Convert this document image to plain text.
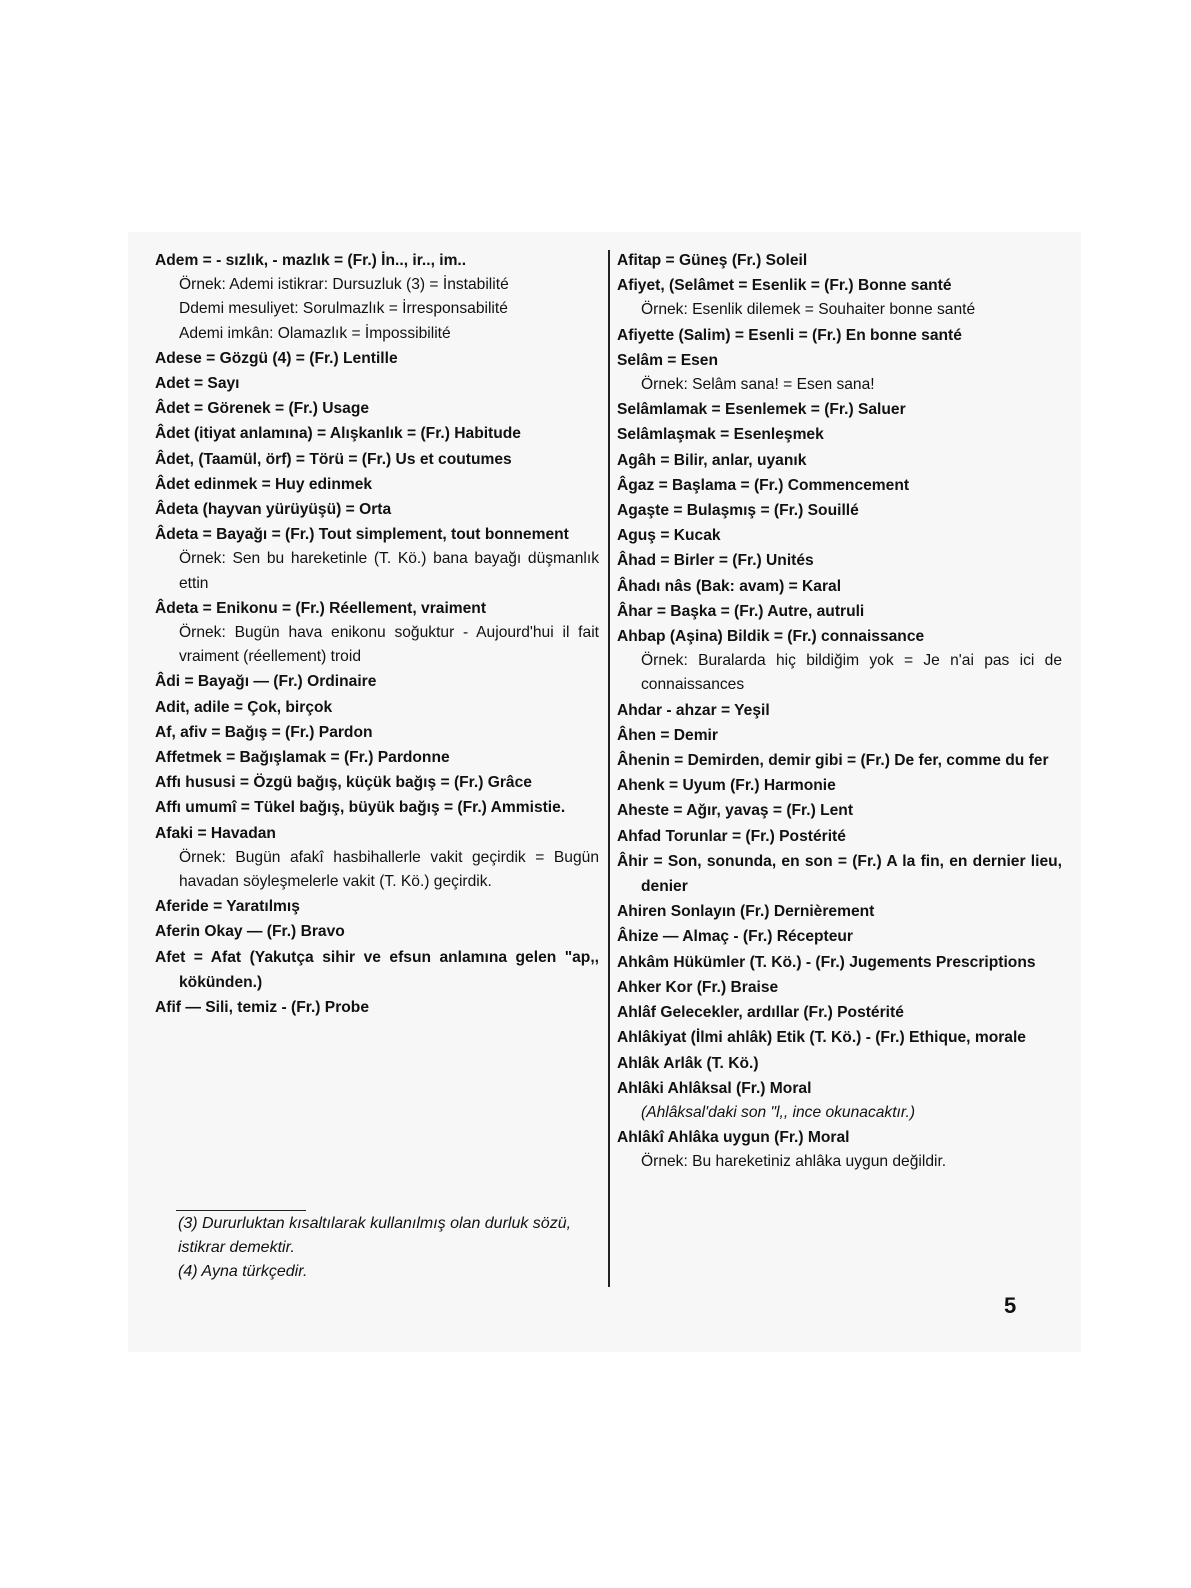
Adem = - sızlık, - mazlık = (Fr.) İn.., ir.., im..
Örnek: Ademi istikrar: Dursuzluk (3) = İnstabilité
Ddemi mesuliyet: Sorulmazlık = İrresponsabilité
Ademi imkân: Olamazlık = İmpossibilité
Adese = Gözgü (4) = (Fr.) Lentille
Adet = Sayı
Âdet = Görenek = (Fr.) Usage
Âdet (itiyat anlamına) = Alışkanlık = (Fr.) Habitude
Âdet, (Taamül, örf) = Törü = (Fr.) Us et coutumes
Âdet edinmek = Huy edinmek
Âdeta (hayvan yürüyüşü) = Orta
Âdeta = Bayağı = (Fr.) Tout simplement, tout bonnement
Örnek: Sen bu hareketinle (T. Kö.) bana bayağı düşmanlık ettin
Âdeta = Enikonu = (Fr.) Réellement, vraiment
Örnek: Bugün hava enikonu soğuktur - Aujourd'hui il fait vraiment (réellement) troid
Âdi = Bayağı — (Fr.) Ordinaire
Adit, adile = Çok, birçok
Af, afiv = Bağış = (Fr.) Pardon
Affetmek = Bağışlamak = (Fr.) Pardonne
Affı hususi = Özgü bağış, küçük bağış = (Fr.) Grâce
Affı umumî = Tükel bağış, büyük bağış = (Fr.) Ammistie.
Afaki = Havadan
Örnek: Bugün afakî hasbihallerle vakit geçirdik = Bugün havadan söyleşmelerle vakit (T. Kö.) geçirdik.
Aferide = Yaratılmış
Aferin Okay — (Fr.) Bravo
Afet = Afat (Yakutça sihir ve efsun anlamına gelen "ap,, kökünden.)
Afif — Sili, temiz - (Fr.) Probe
Afitap = Güneş (Fr.) Soleil
Afiyet, (Selâmet = Esenlik = (Fr.) Bonne santé
Örnek: Esenlik dilemek = Souhaiter bonne santé
Afiyette (Salim) = Esenli = (Fr.) En bonne santé
Selâm = Esen
Örnek: Selâm sana! = Esen sana!
Selâmlamak = Esenlemek = (Fr.) Saluer
Selâmlaşmak = Esenleşmek
Agâh = Bilir, anlar, uyanık
Âgaz = Başlama = (Fr.) Commencement
Agaşte = Bulaşmış = (Fr.) Souillé
Aguş = Kucak
Âhad = Birler = (Fr.) Unités
Âhadı nâs (Bak: avam) = Karal
Âhar = Başka = (Fr.) Autre, autruli
Ahbap (Aşina) Bildik = (Fr.) connaissance
Örnek: Buralarda hiç bildiğim yok = Je n'ai pas ici de connaissances
Ahdar - ahzar = Yeşil
Âhen = Demir
Âhenin = Demirden, demir gibi = (Fr.) De fer, comme du fer
Ahenk = Uyum (Fr.) Harmonie
Aheste = Ağır, yavaş = (Fr.) Lent
Ahfad Torunlar = (Fr.) Postérité
Âhir = Son, sonunda, en son = (Fr.) A la fin, en dernier lieu, denier
Ahiren Sonlayın (Fr.) Dernièrement
Âhize — Almaç - (Fr.) Récepteur
Ahkâm Hükümler (T. Kö.) - (Fr.) Jugements Prescriptions
Ahker Kor (Fr.) Braise
Ahlâf Gelecekler, ardıllar (Fr.) Postérité
Ahlâkiyat (İlmi ahlâk) Etik (T. Kö.) - (Fr.) Ethique, morale
Ahlâk Arlâk (T. Kö.)
Ahlâki Ahlâksal (Fr.) Moral
(Ahlâksal'daki son "l,, ince okunacaktır.)
Ahlâkî Ahlâka uygun (Fr.) Moral
Örnek: Bu hareketiniz ahlâka uygun değildir.
(3) Dururluktan kısaltılarak kullanılmış olan durluk sözü, istikrar demektir.
(4) Ayna türkçedir.
5
